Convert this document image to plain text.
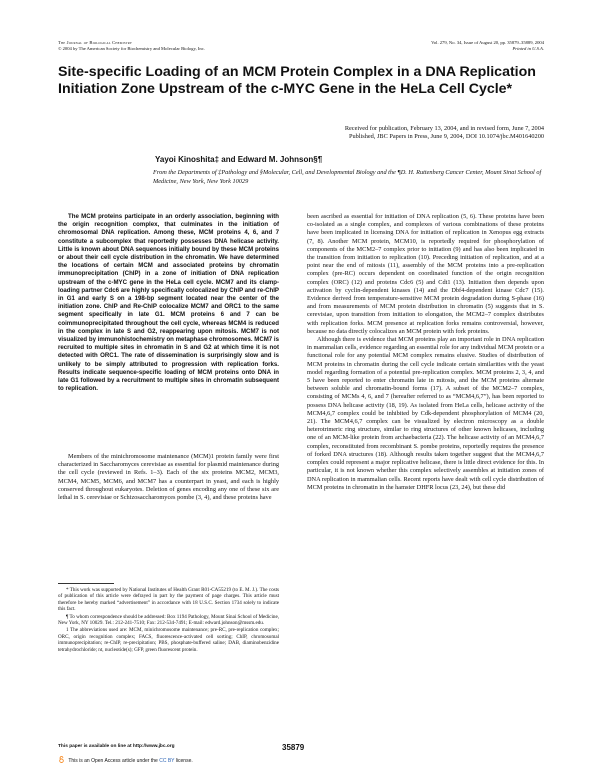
The Journal of Biological Chemistry
© 2004 by The American Society for Biochemistry and Molecular Biology, Inc.
Vol. 279, No. 34, Issue of August 20, pp. 35879–35889, 2004
Printed in U.S.A.
Site-specific Loading of an MCM Protein Complex in a DNA Replication Initiation Zone Upstream of the c-MYC Gene in the HeLa Cell Cycle*
Received for publication, February 13, 2004, and in revised form, June 7, 2004 Published, JBC Papers in Press, June 9, 2004, DOI 10.1074/jbc.M401640200
Yayoi Kinoshita‡ and Edward M. Johnson§¶
From the Departments of ‡Pathology and §Molecular, Cell, and Developmental Biology and the ¶D. H. Ruttenberg Cancer Center, Mount Sinai School of Medicine, New York, New York 10029

The MCM proteins participate in an orderly association, beginning with the origin recognition complex, that culminates in the initiation of chromosomal DNA replication. Among these, MCM proteins 4, 6, and 7 constitute a subcomplex that reportedly possesses DNA helicase activity. Little is known about DNA sequences initially bound by these MCM proteins or about their cell cycle distribution in the chromatin. We have determined the locations of certain MCM and associated proteins by chromatin immunoprecipitation (ChIP) in a zone of initiation of DNA replication upstream of the c-MYC gene in the HeLa cell cycle. MCM7 and its clamp-loading partner Cdc6 are highly specifically colocalized by ChIP and re-ChIP in G1 and early S on a 198-bp segment located near the center of the initiation zone. ChIP and Re-ChIP colocalize MCM7 and ORC1 to the same segment specifically in late G1. MCM proteins 6 and 7 can be coimmunoprecipitated throughout the cell cycle, whereas MCM4 is reduced in the complex in late S and G2, reappearing upon mitosis. MCM7 is not visualized by immunohistochemistry on metaphase chromosomes. MCM7 is recruited to multiple sites in chromatin in S and G2 at which time it is not detected with ORC1. The rate of dissemination is surprisingly slow and is unlikely to be simply attributed to progression with replication forks. Results indicate sequence-specific loading of MCM proteins onto DNA in late G1 followed by a recruitment to multiple sites in chromatin subsequent to replication.

Members of the minichromosome maintenance (MCM)1 protein family were first characterized in Saccharomyces cerevisiae as essential for plasmid maintenance during the cell cycle (reviewed in Refs. 1–3). Each of the six proteins MCM2, MCM3, MCM4, MCM5, MCM6, and MCM7 has a counterpart in yeast, and each is highly conserved throughout eukaryotes. Deletion of genes encoding any one of these six are lethal in S. cerevisiae or Schizosaccharomyces pombe (3, 4), and these proteins have

* This work was supported by National Institutes of Health Grant R01-CA55219 (to E. M. J.). The costs of publication of this article were defrayed in part by the payment of page charges. This article must therefore be hereby marked “advertisement” in accordance with 18 U.S.C. Section 1734 solely to indicate this fact.

¶ To whom correspondence should be addressed: Box 1194 Pathology, Mount Sinai School of Medicine, New York, NY 10029. Tel.: 212-241-7510; Fax: 212-534-7491; E-mail: edward.johnson@mssm.edu.

1 The abbreviations used are: MCM, minichromosome maintenance; pre-RC, pre-replication complex; ORC, origin recognition complex; FACS, fluorescence-activated cell sorting; ChIP, chromosomal immunoprecipitation; re-ChIP, re-precipitation; PBS, phosphate-buffered saline; DAB, diaminobenzidine tetrahydrochloride; nt, nucleotide(s); GFP, green fluorescent protein.

been ascribed as essential for initiation of DNA replication (5, 6). These proteins have been co-isolated as a single complex, and complexes of various combinations of these proteins have been implicated in licensing DNA for initiation of replication in Xenopus egg extracts (7, 8). Another MCM protein, MCM10, is reportedly required for phosphorylation of components of the MCM2–7 complex prior to initiation (9) and has also been implicated in the transition from initiation to replication (10). Preceding initiation of replication, and at a point near the end of mitosis (11), assembly of the MCM proteins into a pre-replication complex (pre-RC) occurs dependent on coordinated function of the origin recognition complex (ORC) (12) and proteins Cdc6 (5) and Cdt1 (13). Initiation then depends upon activation by cyclin-dependent kinases (14) and the Dbf4-dependent kinase Cdc7 (15). Evidence derived from temperature-sensitive MCM protein degradation during S-phase (16) and from measurements of MCM protein distribution in chromatin (5) suggests that in S. cerevisiae, upon transition from initiation to elongation, the MCM2–7 complex distributes with replication forks. MCM presence at replication forks remains controversial, however, because no data directly colocalizes an MCM protein with fork proteins.

Although there is evidence that MCM proteins play an important role in DNA replication in mammalian cells, evidence regarding an essential role for any individual MCM protein or a functional role for any potential MCM complex remains elusive. Studies of distribution of MCM proteins in chromatin during the cell cycle indicate certain similarities with the yeast model regarding formation of a potential pre-replication complex. MCM proteins 2, 3, 4, and 5 have been reported to enter chromatin late in mitosis, and the MCM proteins alternate between soluble and chromatin-bound forms (17). A subset of the MCM2–7 complex, consisting of MCMs 4, 6, and 7 (hereafter referred to as “MCM4,6,7”), has been reported to possess DNA helicase activity (18, 19). As isolated from HeLa cells, helicase activity of the MCM4,6,7 complex could be inhibited by Cdk-dependent phosphorylation of MCM4 (20, 21). The MCM4,6,7 complex can be visualized by electron microscopy as a double heterotrimeric ring structure, similar to ring structures of other known helicases, including one of an MCM-like protein from archaebacteria (22). The helicase activity of an MCM4,6,7 complex, reconstituted from recombinant S. pombe proteins, reportedly requires the presence of forked DNA structures (18). Although results taken together suggest that the MCM4,6,7 complex could represent a major replicative helicase, there is little direct evidence for this. In particular, it is not known whether this complex selectively assembles at initiation zones of DNA replication in mammalian cells. Recent reports have dealt with cell cycle distribution of MCM proteins in chromatin in the hamster DHFR locus (23, 24), but these did

This paper is available on line at http://www.jbc.org	35879
This is an Open Access article under the CC BY license.
